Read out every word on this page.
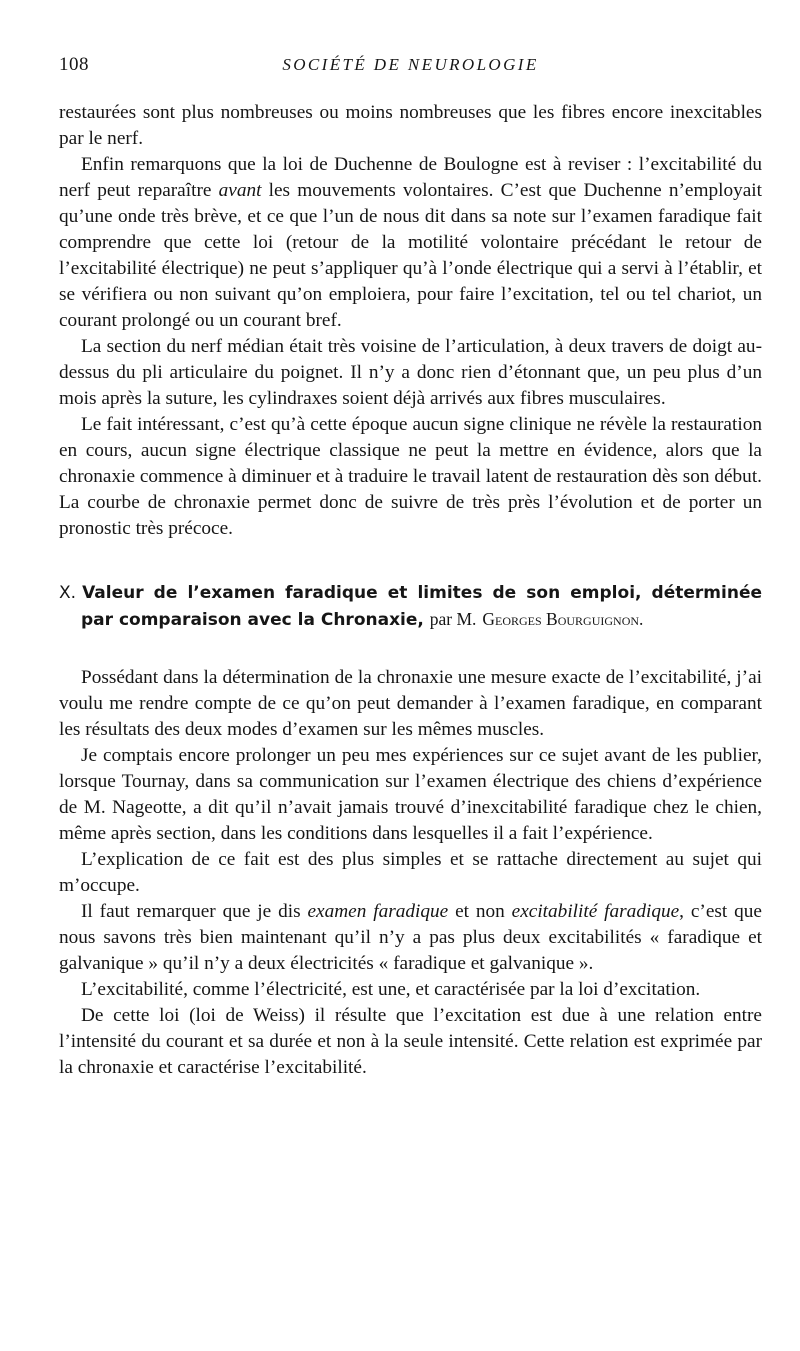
108	SOCIÉTÉ DE NEUROLOGIE

restaurées sont plus nombreuses ou moins nombreuses que les fibres encore inexcitables par le nerf.

Enfin remarquons que la loi de Duchenne de Boulogne est à reviser : l’excitabilité du nerf peut reparaître avant les mouvements volontaires. C’est que Duchenne n’employait qu’une onde très brève, et ce que l’un de nous dit dans sa note sur l’examen faradique fait comprendre que cette loi (retour de la motilité volontaire précédant le retour de l’excitabilité électrique) ne peut s’appliquer qu’à l’onde électrique qui a servi à l’établir, et se vérifiera ou non suivant qu’on emploiera, pour faire l’excitation, tel ou tel chariot, un courant prolongé ou un courant bref.

La section du nerf médian était très voisine de l’articulation, à deux travers de doigt au-dessus du pli articulaire du poignet. Il n’y a donc rien d’étonnant que, un peu plus d’un mois après la suture, les cylindraxes soient déjà arrivés aux fibres musculaires.

Le fait intéressant, c’est qu’à cette époque aucun signe clinique ne révèle la restauration en cours, aucun signe électrique classique ne peut la mettre en évidence, alors que la chronaxie commence à diminuer et à traduire le travail latent de restauration dès son début. La courbe de chronaxie permet donc de suivre de très près l’évolution et de porter un pronostic très précoce.

X. Valeur de l’examen faradique et limites de son emploi, déterminée par comparaison avec la Chronaxie, par M. Georges Bourguignon.

Possédant dans la détermination de la chronaxie une mesure exacte de l’excitabilité, j’ai voulu me rendre compte de ce qu’on peut demander à l’examen faradique, en comparant les résultats des deux modes d’examen sur les mêmes muscles.

Je comptais encore prolonger un peu mes expériences sur ce sujet avant de les publier, lorsque Tournay, dans sa communication sur l’examen électrique des chiens d’expérience de M. Nageotte, a dit qu’il n’avait jamais trouvé d’inexcitabilité faradique chez le chien, même après section, dans les conditions dans lesquelles il a fait l’expérience.

L’explication de ce fait est des plus simples et se rattache directement au sujet qui m’occupe.

Il faut remarquer que je dis examen faradique et non excitabilité faradique, c’est que nous savons très bien maintenant qu’il n’y a pas plus deux excitabilités « faradique et galvanique » qu’il n’y a deux électricités « faradique et galvanique ».

L’excitabilité, comme l’électricité, est une, et caractérisée par la loi d’excitation.

De cette loi (loi de Weiss) il résulte que l’excitation est due à une relation entre l’intensité du courant et sa durée et non à la seule intensité. Cette relation est exprimée par la chronaxie et caractérise l’excitabilité.
